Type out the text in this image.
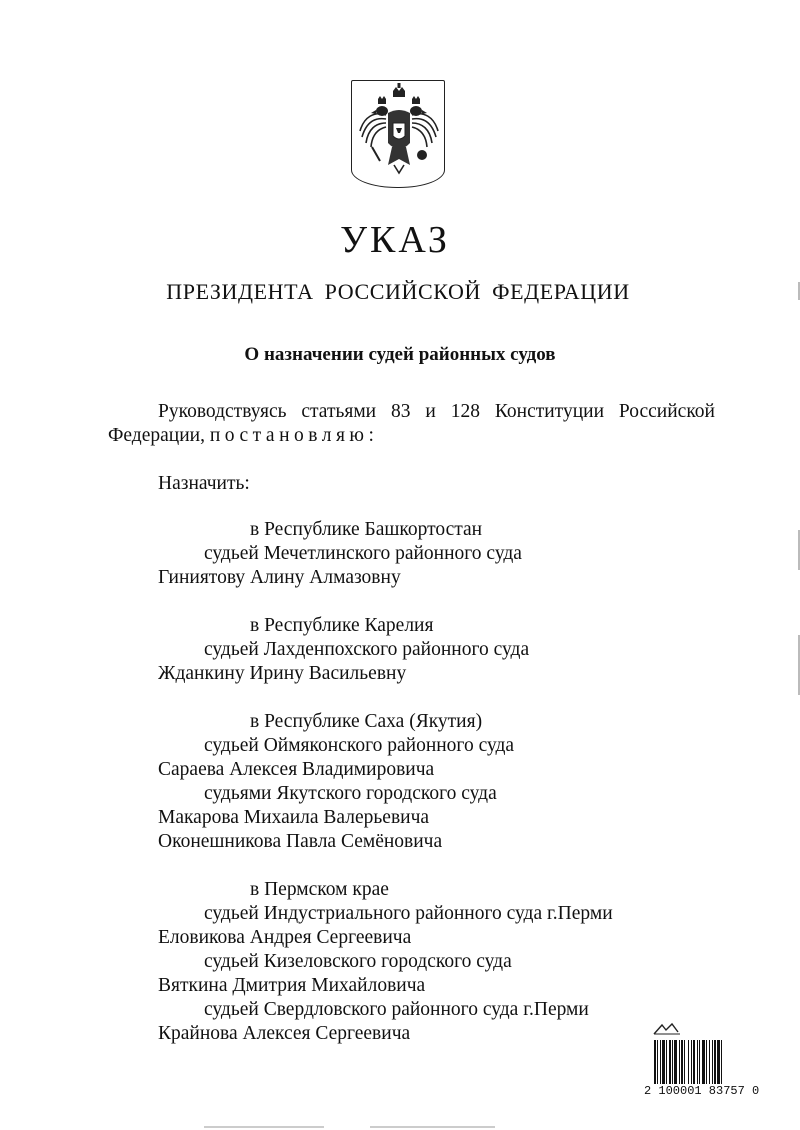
УКАЗ
ПРЕЗИДЕНТА РОССИЙСКОЙ ФЕДЕРАЦИИ
О назначении судей районных судов
Руководствуясь статьями 83 и 128 Конституции Российской
Федерации, постановляю:
Назначить:
в Республике Башкортостан
судьей Мечетлинского районного суда
Гиниятову Алину Алмазовну
в Республике Карелия
судьей Лахденпохского районного суда
Жданкину Ирину Васильевну
в Республике Саха (Якутия)
судьей Оймяконского районного суда
Сараева Алексея Владимировича
судьями Якутского городского суда
Макарова Михаила Валерьевича
Оконешникова Павла Семёновича
в Пермском крае
судьей Индустриального районного суда г.Перми
Еловикова Андрея Сергеевича
судьей Кизеловского городского суда
Вяткина Дмитрия Михайловича
судьей Свердловского районного суда г.Перми
Крайнова Алексея Сергеевича
2 100001 83757 0
